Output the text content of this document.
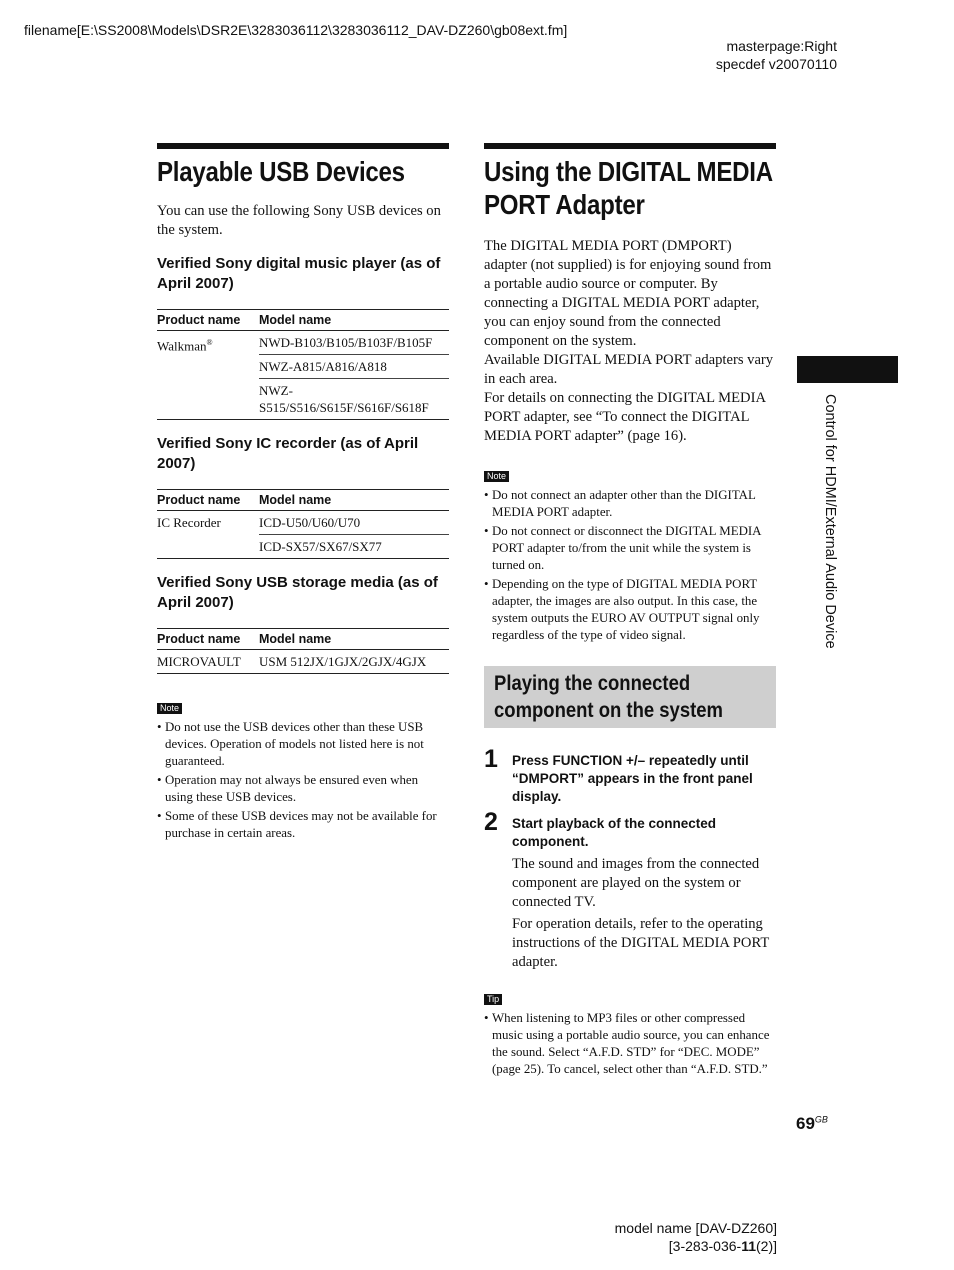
filename[E:\SS2008\Models\DSR2E\3283036112\3283036112_DAV-DZ260\gb08ext.fm]
masterpage:Right
specdef v20070110
Playable USB Devices
You can use the following Sony USB devices on the system.
Verified Sony digital music player (as of April 2007)
Product name	Model name
Walkman®	NWD-B103/B105/B103F/B105F
	NWZ-A815/A816/A818
	NWZ-S515/S516/S615F/S616F/S618F
Verified Sony IC recorder (as of April 2007)
Product name	Model name
IC Recorder	ICD-U50/U60/U70
	ICD-SX57/SX67/SX77
Verified Sony USB storage media (as of April 2007)
Product name	Model name
MICROVAULT	USM 512JX/1GJX/2GJX/4GJX
Note
• Do not use the USB devices other than these USB devices. Operation of models not listed here is not guaranteed.
• Operation may not always be ensured even when using these USB devices.
• Some of these USB devices may not be available for purchase in certain areas.
Using the DIGITAL MEDIA PORT Adapter
The DIGITAL MEDIA PORT (DMPORT) adapter (not supplied) is for enjoying sound from a portable audio source or computer. By connecting a DIGITAL MEDIA PORT adapter, you can enjoy sound from the connected component on the system.
Available DIGITAL MEDIA PORT adapters vary in each area.
For details on connecting the DIGITAL MEDIA PORT adapter, see “To connect the DIGITAL MEDIA PORT adapter” (page 16).
Note
• Do not connect an adapter other than the DIGITAL MEDIA PORT adapter.
• Do not connect or disconnect the DIGITAL MEDIA PORT adapter to/from the unit while the system is turned on.
• Depending on the type of DIGITAL MEDIA PORT adapter, the images are also output. In this case, the system outputs the EURO AV OUTPUT signal only regardless of the type of video signal.
Playing the connected component on the system
1 Press FUNCTION +/– repeatedly until “DMPORT” appears in the front panel display.
2 Start playback of the connected component.
The sound and images from the connected component are played on the system or connected TV.
For operation details, refer to the operating instructions of the DIGITAL MEDIA PORT adapter.
Tip
• When listening to MP3 files or other compressed music using a portable audio source, you can enhance the sound. Select “A.F.D. STD” for “DEC. MODE” (page 25). To cancel, select other than “A.F.D. STD.”
Control for HDMI/External Audio Device
$69^{GB}$
model name [DAV-DZ260]
[3-283-036-11(2)]
